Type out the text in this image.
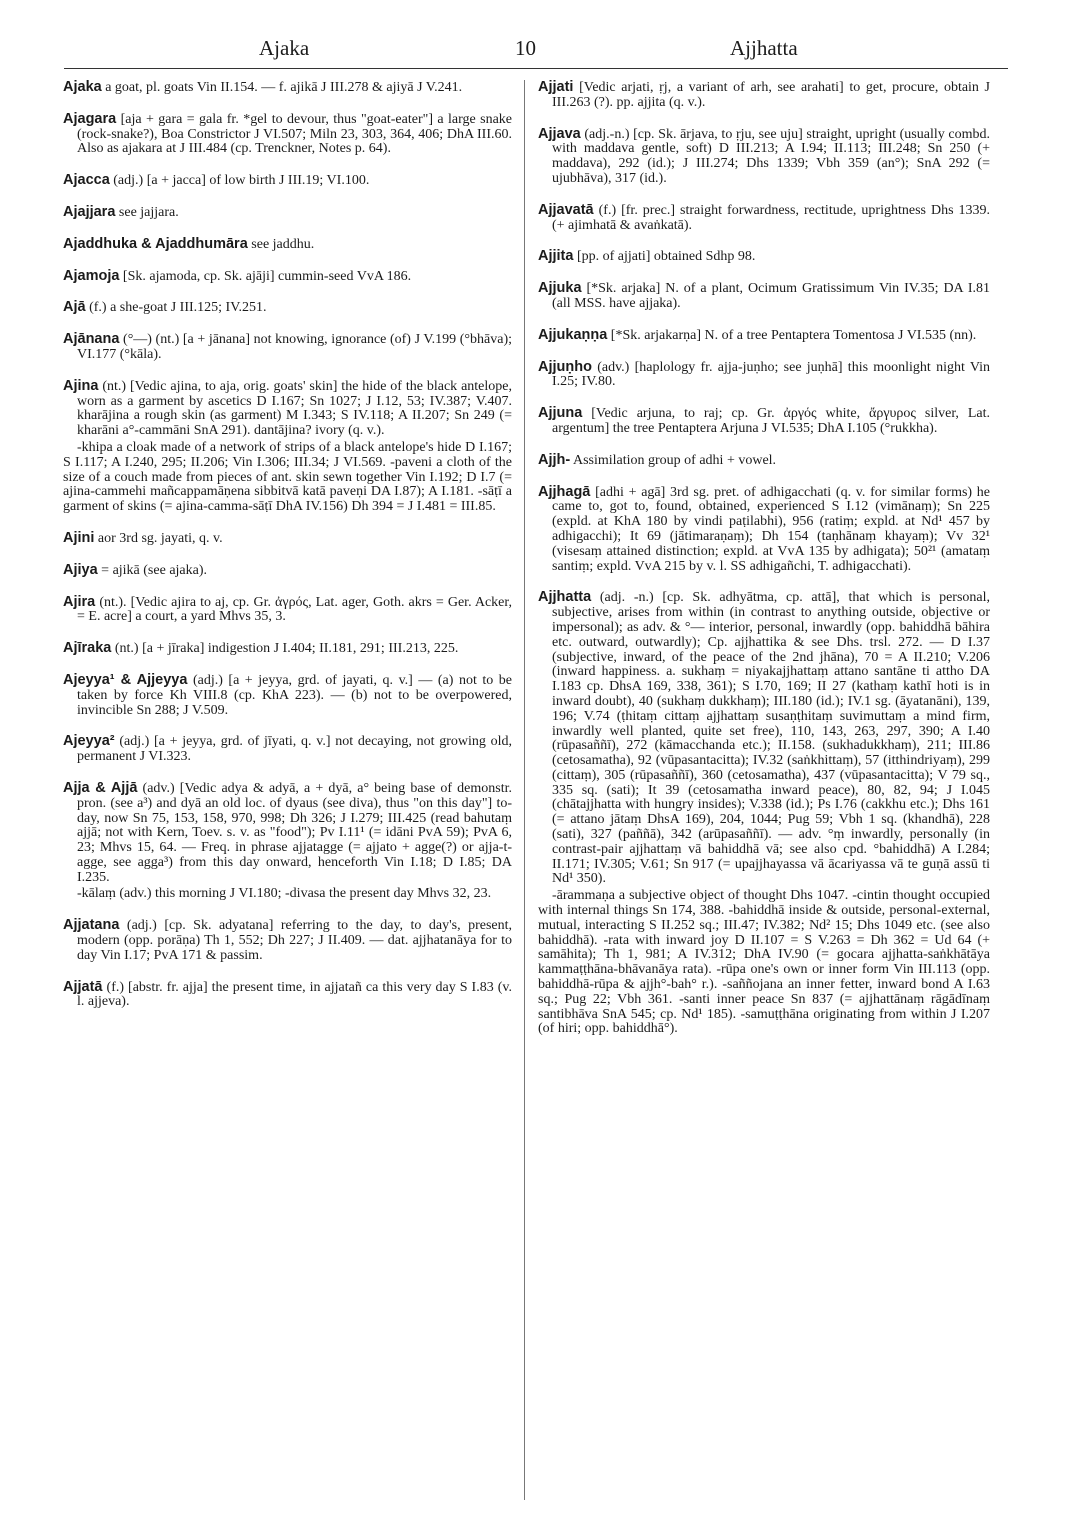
Ajaka	10	Ajjhatta
Ajaka a goat, pl. goats Vin II.154. — f. ajikā J III.278 & ajiyā J V.241.
Ajagara [aja + gara = gala fr. *gel to devour, thus "goat-eater"] a large snake (rock-snake?), Boa Constrictor J VI.507; Miln 23, 303, 364, 406; DhA III.60. Also as ajakara at J III.484 (cp. Trenckner, Notes p. 64).
Ajacca (adj.) [a + jacca] of low birth J III.19; VI.100.
Ajajjara see jajjara.
Ajaddhuka & Ajaddhumāra see jaddhu.
Ajamoja [Sk. ajamoda, cp. Sk. ajāji] cummin-seed VvA 186.
Ajā (f.) a she-goat J III.125; IV.251.
Ajānana (°—) (nt.) [a + jānana] not knowing, ignorance (of) J V.199 (°bhāva); VI.177 (°kāla).
Ajina (nt.) [Vedic ajina, to aja, orig. goats' skin] the hide of the black antelope, worn as a garment by ascetics D I.167; Sn 1027; J I.12, 53; IV.387; V.407. kharājina a rough skin (as garment) M I.343; S IV.118; A II.207; Sn 249 (= kharāni a°-cammāni SnA 291). dantājina? ivory (q. v.).
-khipa a cloak made of a network of strips of a black antelope's hide D I.167; S I.117; A I.240, 295; II.206; Vin I.306; III.34; J VI.569. -paveni a cloth of the size of a couch made from pieces of ant. skin sewn together Vin I.192; D I.7 (= ajina-cammehi mañcappamāṇena sibbitvā katā paveṇi DA I.87); A I.181. -sāṭī a garment of skins (= ajina-camma-sāṭī DhA IV.156) Dh 394 = J I.481 = III.85.
Ajini aor 3rd sg. jayati, q. v.
Ajiya = ajikā (see ajaka).
Ajira (nt.). [Vedic ajira to aj, cp. Gr. ἀγρός, Lat. ager, Goth. akrs = Ger. Acker, = E. acre] a court, a yard Mhvs 35, 3.
Ajīraka (nt.) [a + jīraka] indigestion J I.404; II.181, 291; III.213, 225.
Ajeyya¹ & Ajjeyya (adj.) [a + jeyya, grd. of jayati, q. v.] — (a) not to be taken by force Kh VIII.8 (cp. KhA 223). — (b) not to be overpowered, invincible Sn 288; J V.509.
Ajeyya² (adj.) [a + jeyya, grd. of jīyati, q. v.] not decaying, not growing old, permanent J VI.323.
Ajja & Ajjā (adv.) [Vedic adya & adyā, a + dyā, a° being base of demonstr. pron. (see a³) and dyā an old loc. of dyaus (see diva), thus "on this day"] to-day, now Sn 75, 153, 158, 970, 998; Dh 326; J I.279; III.425 (read bahutaṃ ajjā; not with Kern, Toev. s. v. as "food"); Pv I.11¹ (= idāni PvA 59); PvA 6, 23; Mhvs 15, 64. — Freq. in phrase ajjatagge (= ajjato + agge(?) or ajja-t-agge, see agga³) from this day onward, henceforth Vin I.18; D I.85; DA I.235.
-kālaṃ (adv.) this morning J VI.180; -divasa the present day Mhvs 32, 23.
Ajjatana (adj.) [cp. Sk. adyatana] referring to the day, to day's, present, modern (opp. porāṇa) Th 1, 552; Dh 227; J II.409. — dat. ajjhatanāya for to day Vin I.17; PvA 171 & passim.
Ajjatā (f.) [abstr. fr. ajja] the present time, in ajjatañ ca this very day S I.83 (v. l. ajjeva).
Ajjati [Vedic arjati, ṛj, a variant of arh, see arahati] to get, procure, obtain J III.263 (?). pp. ajjita (q. v.).
Ajjava (adj.-n.) [cp. Sk. ārjava, to ṛju, see uju] straight, upright (usually combd. with maddava gentle, soft) D III.213; A I.94; II.113; III.248; Sn 250 (+ maddava), 292 (id.); J III.274; Dhs 1339; Vbh 359 (an°); SnA 292 (= ujubhāva), 317 (id.).
Ajjavatā (f.) [fr. prec.] straight forwardness, rectitude, uprightness Dhs 1339. (+ ajimhatā & avaṅkatā).
Ajjita [pp. of ajjati] obtained Sdhp 98.
Ajjuka [*Sk. arjaka] N. of a plant, Ocimum Gratissimum Vin IV.35; DA I.81 (all MSS. have ajjaka).
Ajjukaṇṇa [*Sk. arjakarṇa] N. of a tree Pentaptera Tomentosa J VI.535 (nn).
Ajjuṇho (adv.) [haplology fr. ajja-juṇho; see juṇhā] this moonlight night Vin I.25; IV.80.
Ajjuna [Vedic arjuna, to raj; cp. Gr. ἀργός white, ἄργυρος silver, Lat. argentum] the tree Pentaptera Arjuna J VI.535; DhA I.105 (°rukkha).
Ajjh- Assimilation group of adhi + vowel.
Ajjhagā [adhi + agā] 3rd sg. pret. of adhigacchati (q. v. for similar forms) he came to, got to, found, obtained, experienced S I.12 (vimānaṃ); Sn 225 (expld. at KhA 180 by vindi paṭilabhi), 956 (ratiṃ; expld. at Nd¹ 457 by adhigacchi); It 69 (jātimaraṇaṃ); Dh 154 (taṇhānaṃ khayaṃ); Vv 32¹ (visesaṃ attained distinction; expld. at VvA 135 by adhigata); 50²¹ (amataṃ santiṃ; expld. VvA 215 by v. l. SS adhigañchi, T. adhigacchati).
Ajjhatta (adj. -n.) [cp. Sk. adhyātma, cp. attā], that which is personal, subjective, arises from within (in contrast to anything outside, objective or impersonal); as adv. & °— interior, personal, inwardly (opp. bahiddhā bāhira etc. outward, outwardly); Cp. ajjhattika & see Dhs. trsl. 272. — D I.37 (subjective, inward, of the peace of the 2nd jhāna), 70 = A II.210; V.206 (inward happiness. a. sukhaṃ = niyakajjhattaṃ attano santāne ti attho DA I.183 cp. DhsA 169, 338, 361); S I.70, 169; II 27 (kathaṃ kathī hoti is in inward doubt), 40 (sukhaṃ dukkhaṃ); III.180 (id.); IV.1 sg. (āyatanāni), 139, 196; V.74 (ṭhitaṃ cittaṃ ajjhattaṃ susaṇṭhitaṃ suvimuttaṃ a mind firm, inwardly well planted, quite set free), 110, 143, 263, 297, 390; A I.40 (rūpasaññī), 272 (kāmacchanda etc.); II.158. (sukhadukkhaṃ), 211; III.86 (cetosamatha), 92 (vūpasantacitta); IV.32 (saṅkhittaṃ), 57 (itthindriyaṃ), 299 (cittaṃ), 305 (rūpasaññī), 360 (cetosamatha), 437 (vūpasantacitta); V 79 sq., 335 sq. (sati); It 39 (cetosamatha inward peace), 80, 82, 94; J I.045 (chātajjhatta with hungry insides); V.338 (id.); Ps I.76 (cakkhu etc.); Dhs 161 (= attano jātaṃ DhsA 169), 204, 1044; Pug 59; Vbh 1 sq. (khandhā), 228 (sati), 327 (paññā), 342 (arūpasaññī). — adv. °ṃ inwardly, personally (in contrast-pair ajjhattaṃ vā bahiddhā vā; see also cpd. °bahiddhā) A I.284; II.171; IV.305; V.61; Sn 917 (= upajjhayassa vā ācariyassa vā te guṇā assū ti Nd¹ 350).
-ārammaṇa a subjective object of thought Dhs 1047. -cintin thought occupied with internal things Sn 174, 388. -bahiddhā inside & outside, personal-external, mutual, interacting S II.252 sq.; III.47; IV.382; Nd² 15; Dhs 1049 etc. (see also bahiddhā). -rata with inward joy D II.107 = S V.263 = Dh 362 = Ud 64 (+ samāhita); Th 1, 981; A IV.312; DhA IV.90 (= gocara ajjhatta-saṅkhātāya kammaṭṭhāna-bhāvanāya rata). -rūpa one's own or inner form Vin III.113 (opp. bahiddhā-rūpa & ajjh°-bah° r.). -saññojana an inner fetter, inward bond A I.63 sq.; Pug 22; Vbh 361. -santi inner peace Sn 837 (= ajjhattānaṃ rāgādīnaṃ santibhāva SnA 545; cp. Nd¹ 185). -samuṭṭhāna originating from within J I.207 (of hiri; opp. bahiddhā°).
